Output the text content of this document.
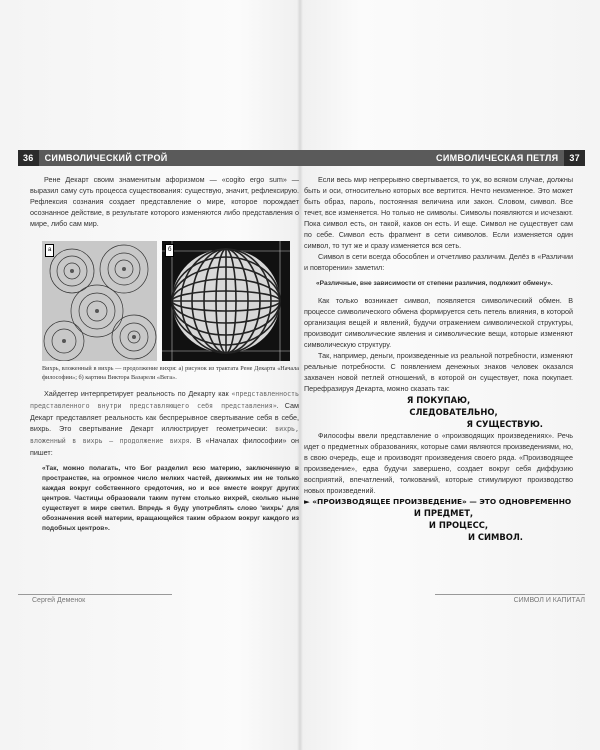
36 СИМВОЛИЧЕСКИЙ СТРОЙ

Рене Декарт своим знаменитым афоризмом — «cogito ergo sum» — выразил саму суть процесса существования: существую, значит, рефлексирую. Рефлексия сознания создает представление о мире, которое порождает осознанное действие, в результате которого изменяются либо представления о мире, либо сам мир.

а	б
Вихрь, вложенный в вихрь — продолжение вихря: а) рисунок из трактата Рене Декарта «Начала философии»; б) картина Виктора Вазарели «Вега».

Хайдеггер интерпретирует реальность по Декарту как «представленность представленного внутри представляющего себя представления». Сам Декарт представляет реальность как беспрерывное свертывание себя в себе, вихрь. Это свертывание Декарт иллюстрирует геометрически: вихрь, вложенный в вихрь — продолжение вихря. В «Началах философии» он пишет:

«Так, можно полагать, что Бог разделил всю материю, заключенную в пространстве, на огромное число мелких частей, движимых им не только каждая вокруг собственного средоточия, но и все вместе вокруг других центров. Частицы образовали таким путем столько вихрей, сколько ныне существует в мире светил. Впредь я буду употреблять слово 'вихрь' для обозначения всей материи, вращающейся таким образом вокруг каждого из подобных центров».
Сергей Деменок
СИМВОЛИЧЕСКАЯ ПЕТЛЯ 37

Если весь мир непрерывно свертывается, то уж, во всяком случае, должны быть и оси, относительно которых все вертится. Нечто неизменное. Это может быть образ, пароль, постоянная величина или закон. Словом, символ. Все течет, все изменяется. Но только не символы. Символы появляются и исчезают. Пока символ есть, он такой, каков он есть. И еще. Символ не существует сам по себе. Символ есть фрагмент в сети символов. Если изменяется один символ, то тут же и сразу изменяется вся сеть.

Символ в сети всегда обособлен и отчетливо различим. Делёз в «Различии и повторении» заметил:

«Различные, вне зависимости от степени различия, подлежит обмену».

Как только возникает символ, появляется символический обмен. В процессе символического обмена формируется сеть петель влияния, в которой организация вещей и явлений, будучи отражением символической структуры, производит символические явления и символические вещи, которые изменяют символическую структуру.

Так, например, деньги, произведенные из реальной потребности, изменяют реальные потребности. С появлением денежных знаков человек оказался захвачен новой петлей отношений, в которой он существует, пока покупает. Перефразируя Декарта, можно сказать так:

Я ПОКУПАЮ,
СЛЕДОВАТЕЛЬНО,
Я СУЩЕСТВУЮ.

Философы ввели представление о «производящих произведениях». Речь идет о предметных образованиях, которые сами являются произведениями, но, в свою очередь, еще и производят произведения своего ряда. «Производящее произведение», едва будучи завершено, создает вокруг себя диффузию восприятий, впечатлений, толкований, которые стимулируют производство новых произведений.

► «ПРОИЗВОДЯЩЕЕ ПРОИЗВЕДЕНИЕ» — ЭТО ОДНОВРЕМЕННО
И ПРЕДМЕТ,
И ПРОЦЕСС,
И СИМВОЛ.
СИМВОЛ И КАПИТАЛ
